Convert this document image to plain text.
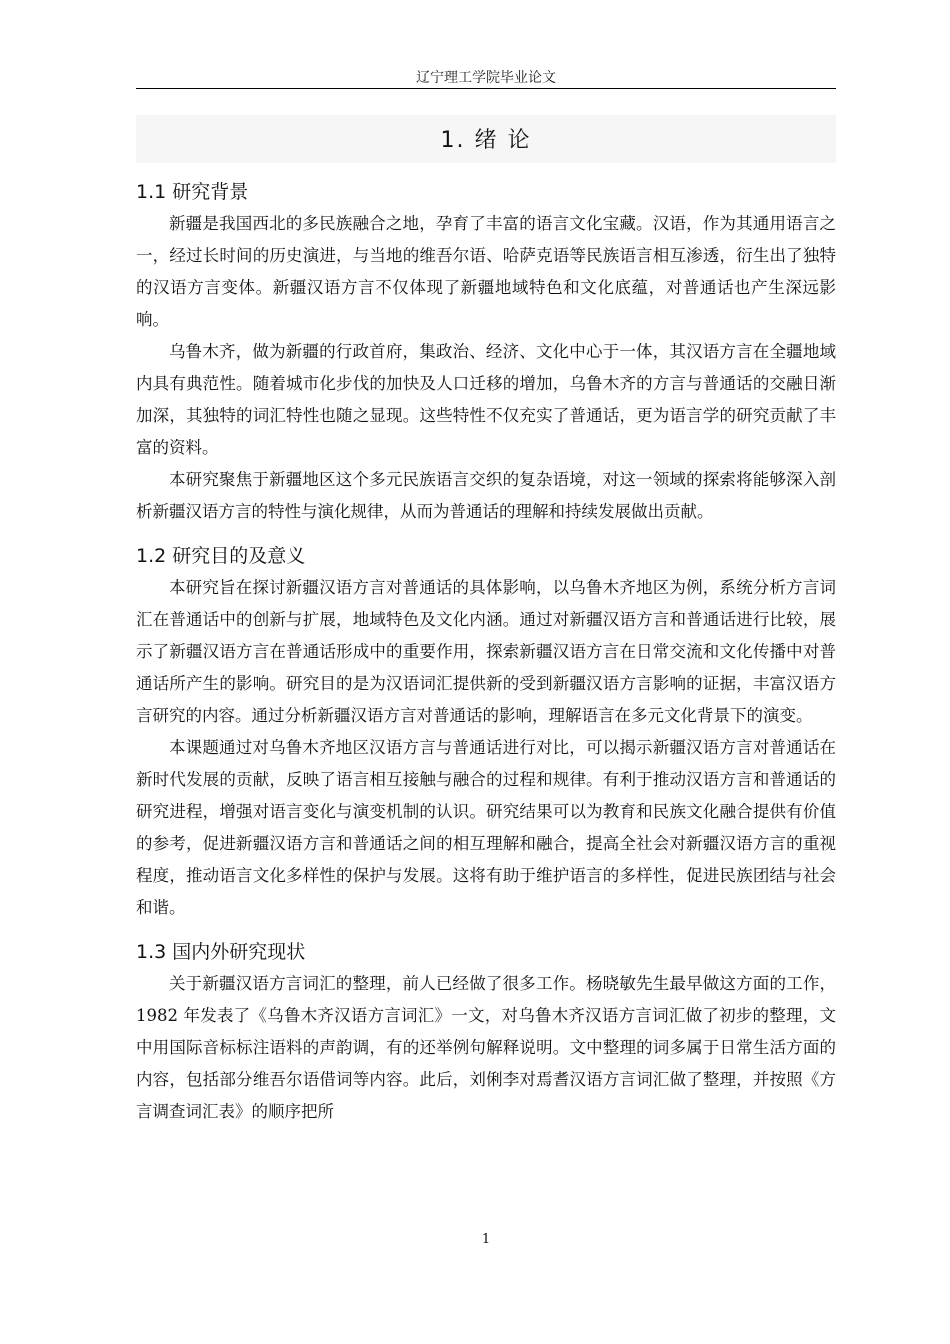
辽宁理工学院毕业论文
1. 绪 论
1.1 研究背景

新疆是我国西北的多民族融合之地，孕育了丰富的语言文化宝藏。汉语，作为其通用语言之一，经过长时间的历史演进，与当地的维吾尔语、哈萨克语等民族语言相互渗透，衍生出了独特的汉语方言变体。新疆汉语方言不仅体现了新疆地域特色和文化底蕴，对普通话也产生深远影响。

乌鲁木齐，做为新疆的行政首府，集政治、经济、文化中心于一体，其汉语方言在全疆地域内具有典范性。随着城市化步伐的加快及人口迁移的增加，乌鲁木齐的方言与普通话的交融日渐加深，其独特的词汇特性也随之显现。这些特性不仅充实了普通话，更为语言学的研究贡献了丰富的资料。

本研究聚焦于新疆地区这个多元民族语言交织的复杂语境，对这一领域的探索将能够深入剖析新疆汉语方言的特性与演化规律，从而为普通话的理解和持续发展做出贡献。

1.2 研究目的及意义

本研究旨在探讨新疆汉语方言对普通话的具体影响，以乌鲁木齐地区为例，系统分析方言词汇在普通话中的创新与扩展，地域特色及文化内涵。通过对新疆汉语方言和普通话进行比较，展示了新疆汉语方言在普通话形成中的重要作用，探索新疆汉语方言在日常交流和文化传播中对普通话所产生的影响。研究目的是为汉语词汇提供新的受到新疆汉语方言影响的证据，丰富汉语方言研究的内容。通过分析新疆汉语方言对普通话的影响，理解语言在多元文化背景下的演变。

本课题通过对乌鲁木齐地区汉语方言与普通话进行对比，可以揭示新疆汉语方言对普通话在新时代发展的贡献，反映了语言相互接触与融合的过程和规律。有利于推动汉语方言和普通话的研究进程，增强对语言变化与演变机制的认识。研究结果可以为教育和民族文化融合提供有价值的参考，促进新疆汉语方言和普通话之间的相互理解和融合，提高全社会对新疆汉语方言的重视程度，推动语言文化多样性的保护与发展。这将有助于维护语言的多样性，促进民族团结与社会和谐。

1.3 国内外研究现状

关于新疆汉语方言词汇的整理，前人已经做了很多工作。杨晓敏先生最早做这方面的工作，1982 年发表了《乌鲁木齐汉语方言词汇》一文，对乌鲁木齐汉语方言词汇做了初步的整理，文中用国际音标标注语料的声韵调，有的还举例句解释说明。文中整理的词多属于日常生活方面的内容，包括部分维吾尔语借词等内容。此后，刘俐李对焉耆汉语方言词汇做了整理，并按照《方言调查词汇表》的顺序把所

1
